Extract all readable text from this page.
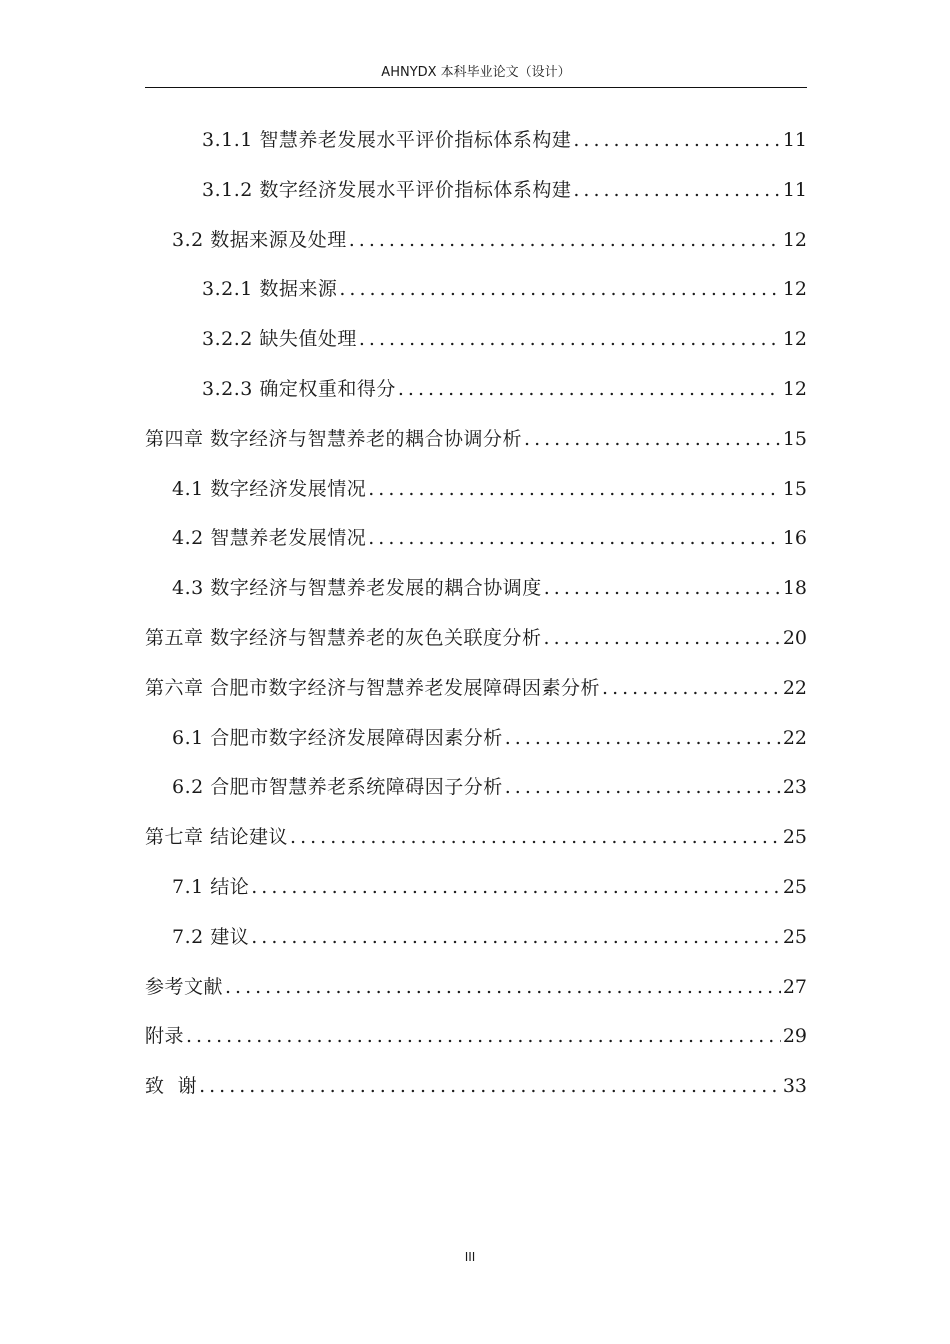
AHNYDX 本科毕业论文（设计）
3.1.1 智慧养老发展水平评价指标体系构建 .....	11
3.1.2 数字经济发展水平评价指标体系构建 .....	11
3.2 数据来源及处理 .....	12
3.2.1 数据来源 .....	12
3.2.2 缺失值处理 .....	12
3.2.3 确定权重和得分 .....	12
第四章 数字经济与智慧养老的耦合协调分析 .....	15
4.1 数字经济发展情况 .....	15
4.2 智慧养老发展情况 .....	16
4.3 数字经济与智慧养老发展的耦合协调度 .....	18
第五章 数字经济与智慧养老的灰色关联度分析 .....	20
第六章 合肥市数字经济与智慧养老发展障碍因素分析 .....	22
6.1 合肥市数字经济发展障碍因素分析 .....	22
6.2 合肥市智慧养老系统障碍因子分析 .....	23
第七章 结论建议 .....	25
7.1 结论 .....	25
7.2 建议 .....	25
参考文献 .....	27
附录 .....	29
致  谢 .....	33
III
